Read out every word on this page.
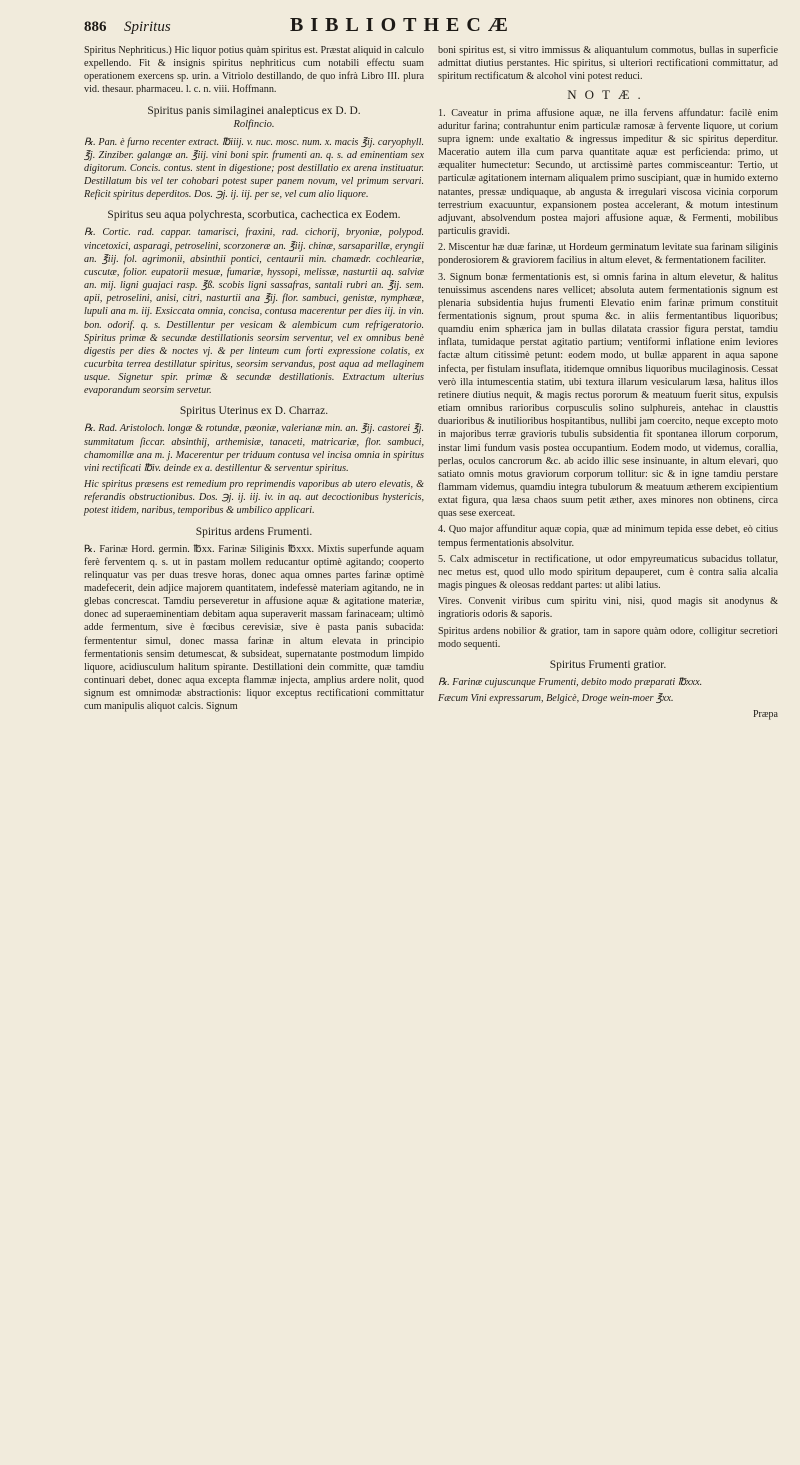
886	Spiritus	BIBLIOTHECÆ

Spiritus Nephriticus.) Hic liquor potius quàm spiritus est. Præstat aliquid in calculo expellendo. Fit & insignis spiritus nephriticus cum notabili effectu suam operationem exercens sp. urin. a Vitriolo destillando, de quo infrà Libro III. plura vid. thesaur. pharmaceu. l. c. n. viii. Hoffmann.

Spiritus panis similaginei analepticus ex D. D.
Rolfincio.

℞. Pan. è furno recenter extract. ℔iiij. v. nuc. mosc. num. x. macis ℥ij. caryophyll. ℥j. Zinziber. galangæ an. ℥iij. vini boni spir. frumenti an. q. s. ad eminentiam sex digitorum. Concis. contus. stent in digestione; post destillatio ex arena instituatur. Destillatum bis vel ter cohobari potest super panem novum, vel primum servari. Reficit spiritus deperditos. Dos. ℈j. ij. iij. per se, vel cum alio liquore.

Spiritus seu aqua polychresta, scorbutica, cachectica ex Eodem.

℞. Cortic. rad. cappar. tamarisci, fraxini, rad. cichorij, bryoniæ, polypod. vincetoxici, asparagi, petroselini, scorzoneræ an. ℥iij. chinæ, sarsaparillæ, eryngii an. ℥iij. fol. agrimonii, absinthii pontici, centaurii min. chamædr. cochleariæ, cuscutæ, folior. eupatorii mesuæ, fumariæ, hyssopi, melissæ, nasturtii aq. salviæ an. mij. ligni guajaci rasp. ℥ß. scobis ligni sassafras, santali rubri an. ℥ij. sem. apii, petroselini, anisi, citri, nasturtii ana ℥ij. flor. sambuci, genistæ, nymphææ, lupuli ana m. iij. Exsiccata omnia, concisa, contusa macerentur per dies iij. in vin. bon. odorif. q. s. Destillentur per vesicam & alembicum cum refrigeratorio. Spiritus primæ & secundæ destillationis seorsim serventur, vel ex omnibus benè digestis per dies & noctes vj. & per linteum cum forti expressione colatis, ex cucurbita terrea destillatur spiritus, seorsim servandus, post aqua ad mellaginem usque. Signetur spir. primæ & secundæ destillationis. Extractum ulterius evaporandum seorsim servetur.

Spiritus Uterinus ex D. Charraz.

℞. Rad. Aristoloch. longæ & rotundæ, pæoniæ, valerianæ min. an. ℥ij. castorei ℥j. summitatum ſiccar. absinthij, arthemisiæ, tanaceti, matricariæ, flor. sambuci, chamomillæ ana m. j. Macerentur per triduum contusa vel incisa omnia in spiritus vini rectificati ℔iv. deinde ex a. destillentur & serventur spiritus.

Hic spiritus præsens est remedium pro reprimendis vaporibus ab utero elevatis, & referandis obstructionibus. Dos. ℈j. ij. iij. iv. in aq. aut decoctionibus hystericis, potest itidem, naribus, temporibus & umbilico applicari.

Spiritus ardens Frumenti.

℞. Farinæ Hord. germin. ℔xx. Farinæ Siliginis ℔xxx. Mixtis superfunde aquam ferè ferventem q. s. ut in pastam mollem reducantur optimè agitando; cooperto relinquatur vas per duas tresve horas, donec aqua omnes partes farinæ optimè madefecerit, dein adjice majorem quantitatem, indefessè materiam agitando, ne in glebas concrescat. Tamdiu perseveretur in affusione aquæ & agitatione materiæ, donec ad superaeminentiam debitam aqua superaverit massam farinaceam; ultimò adde fermentum, sive è fœcibus cerevisiæ, sive è pasta panis subacida: fermententur simul, donec massa farinæ in altum elevata in principio fermentationis sensim detumescat, & subsideat, supernatante postmodum limpido liquore, acidiusculum halitum spirante. Destillationi dein committe, quæ tamdiu continuari debet, donec aqua excepta flammæ injecta, amplius ardere nolit, quod signum est omnimodæ abstractionis: liquor exceptus rectificationi committatur cum manipulis aliquot calcis. Signum

boni spiritus est, si vitro immissus & aliquantulum commotus, bullas in superficie admittat diutius perstantes. Hic spiritus, si ulteriori rectificationi committatur, ad spiritum rectificatum & alcohol vini potest reduci.

NOTÆ.

1. Caveatur in prima affusione aquæ, ne illa fervens affundatur: facilè enim aduritur farina; contrahuntur enim particulæ ramosæ à fervente liquore, ut corium supra ignem: unde exaltatio & ingressus impeditur & sic spiritus deperditur. Maceratio autem illa cum parva quantitate aquæ est perficienda: primo, ut æqualiter humectetur: Secundo, ut arctissimè partes commisceantur: Tertio, ut particulæ agitationem internam aliqualem primo suscipiant, quæ in humido externo natantes, pressæ undiquaque, ab angusta & irregulari viscosa vicinia corporum terrestrium exacuuntur, expansionem postea accelerant, & motum intestinum adjuvant, absolvendum postea majori affusione aquæ, & Fermenti, mobilibus particulis gravidi.

2. Miscentur hæ duæ farinæ, ut Hordeum germinatum levitate sua farinam siliginis ponderosiorem & graviorem facilius in altum elevet, & fermentationem faciliter.

3. Signum bonæ fermentationis est, si omnis farina in altum elevetur, & halitus tenuissimus ascendens nares vellicet; absoluta autem fermentationis signum est plenaria subsidentia hujus frumenti Elevatio enim farinæ primum constituit fermentationis signum, prout spuma &c. in aliis fermentantibus liquoribus; quamdiu enim sphærica jam in bullas dilatata crassior figura perstat, tamdiu inflata, tumidaque perstat agitatio partium; ventiformi inflatione enim leviores factæ altum citissimè petunt: eodem modo, ut bullæ apparent in aqua sapone infecta, per fistulam insuflata, itidemque omnibus liquoribus mucilaginosis. Cessat verò illa intumescentia statim, ubi textura illarum vesicularum læsa, halitus illos retinere diutius nequit, & magis rectus pororum & meatuum fuerit situs, expulsis etiam omnibus rarioribus corpusculis solino sulphureis, antehac in clausttis duarioribus & inutilioribus hospitantibus, nullibi jam coercito, neque excepto moto in majoribus terræ gravioris tubulis subsidentia fit spontanea illorum corporum, instar limi fundum vasis postea occupantium. Eodem modo, ut videmus, corallia, perlas, oculos cancrorum &c. ab acido illic sese insinuante, in altum elevari, quo satiato omnis motus graviorum corporum tollitur: sic & in igne tamdiu perstare flammam videmus, quamdiu integra tubulorum & meatuum ætherem excipientium extat figura, qua læsa chaos suum petit æther, axes minores non obtinens, circa quas sese exerceat.

4. Quo major affunditur aquæ copia, quæ ad minimum tepida esse debet, eò citius tempus fermentationis absolvitur.

5. Calx admiscetur in rectificatione, ut odor empyreumaticus subacidus tollatur, nec metus est, quod ullo modo spiritum depauperet, cum è contra salia alcalia magis pingues & oleosas reddant partes: ut alibi latius.

Vires. Convenit viribus cum spiritu vini, nisi, quod magis sit anodynus & ingratioris odoris & saporis.

Spiritus ardens nobilior & gratior, tam in sapore quàm odore, colligitur secretiori modo sequenti.

Spiritus Frumenti gratior.

℞. Farinæ cujuscunque Frumenti, debito modo præparati ℔xxx.

Fæcum Vini expressarum, Belgicè, Droge wein-moer ℥xx.

Præpa
